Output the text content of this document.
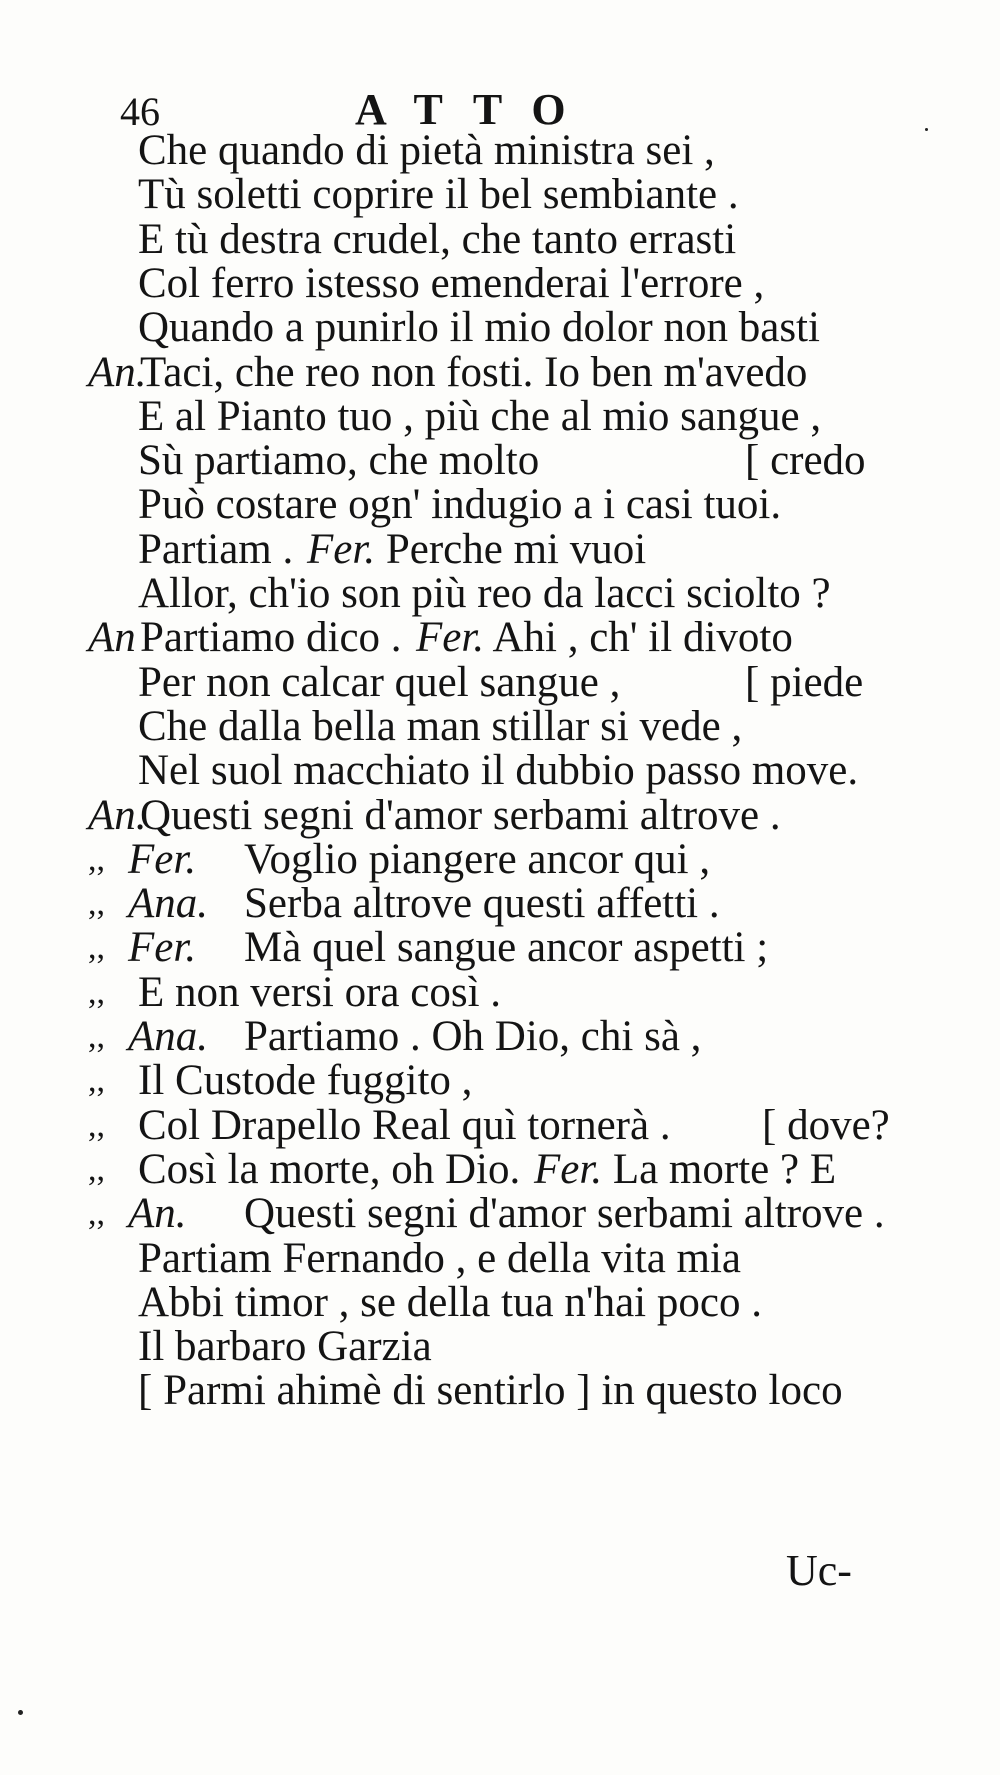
46	ATTO
Che quando di pietà ministra sei ,
Tù soletti coprire il bel sembiante .
E tù destra crudel, che tanto errasti
Col ferro istesso emenderai l'errore ,
Quando a punirlo il mio dolor non basti
An.
Taci, che reo non fosti. Io ben m'avedo
E al Pianto tuo , più che al mio sangue ,
Sù partiamo, che molto	[ credo
Può costare ogn' indugio a i casi tuoi.
Partiam . Fer. Perche mi vuoi
Allor, ch'io son più reo da lacci sciolto ?
An Partiamo dico . Fer. Ahi , ch' il divoto
Per non calcar quel sangue ,	[ piede
Che dalla bella man stillar si vede ,
Nel suol macchiato il dubbio passo move.
An.
Questi segni d'amor serbami altrove .
,, Fer. Voglio piangere ancor qui ,
,, Ana. Serba altrove questi affetti .
,, Fer. Mà quel sangue ancor aspetti ;
,, E non versi ora così .
,, Ana. Partiamo . Oh Dio, chi sà ,
,, Il Custode fuggito ,
,, Col Drapello Real quì tornerà . [ dove?
,, Così la morte, oh Dio. Fer. La morte ? E
,, An. Questi segni d'amor serbami altrove .
Partiam Fernando , e della vita mia
Abbi timor , se della tua n'hai poco .
Il barbaro Garzia
[ Parmi ahimè di sentirlo ] in questo loco
Uc-
